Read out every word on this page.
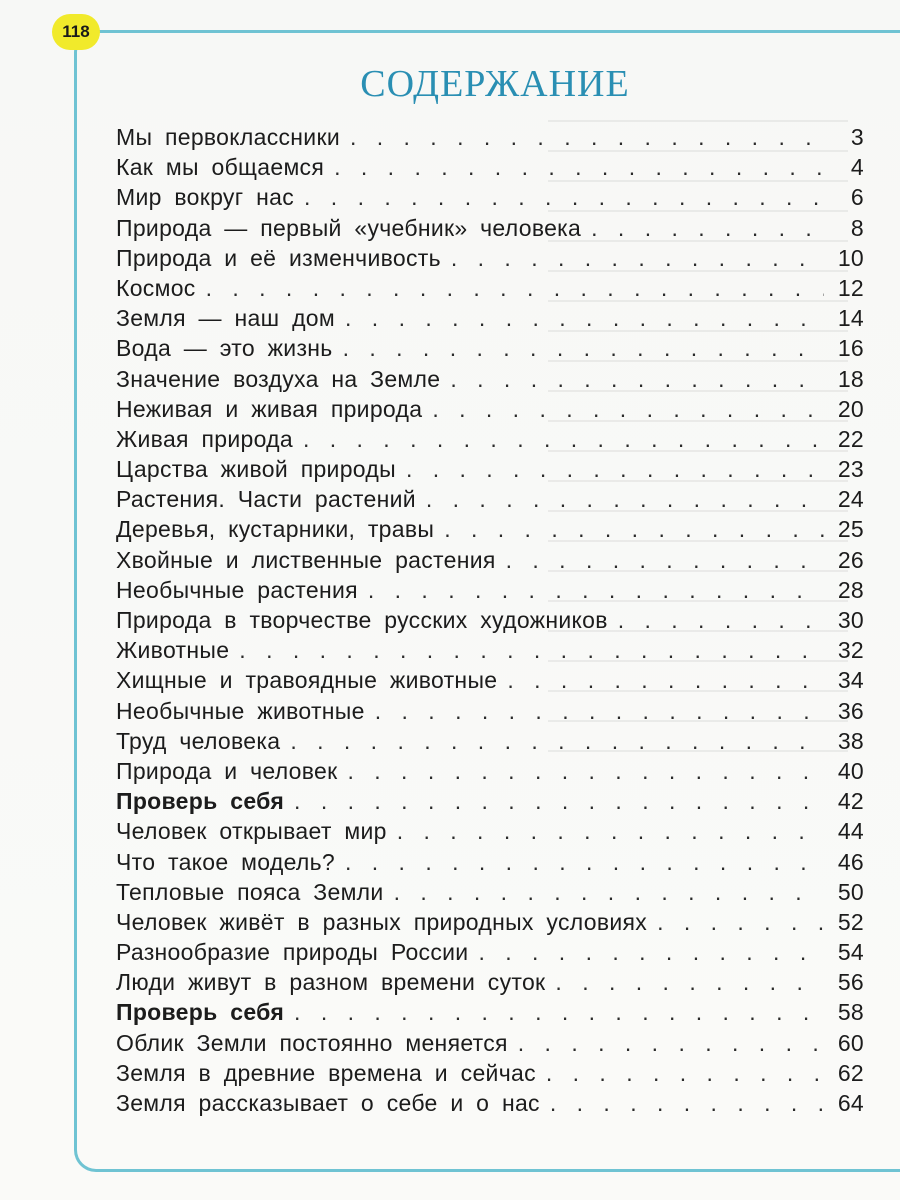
118
СОДЕРЖАНИЕ
Мы первоклассники . . .	3
Как мы общаемся . . .	4
Мир вокруг нас . . .	6
Природа — первый «учебник» человека . . .	8
Природа и её изменчивость . . .	10
Космос . . .	12
Земля — наш дом . . .	14
Вода — это жизнь . . .	16
Значение воздуха на Земле . . .	18
Неживая и живая природа . . .	20
Живая природа . . .	22
Царства живой природы . . .	23
Растения. Части растений . . .	24
Деревья, кустарники, травы . . .	25
Хвойные и лиственные растения . . .	26
Необычные растения . . .	28
Природа в творчестве русских художников . . .	30
Животные . . .	32
Хищные и травоядные животные . . .	34
Необычные животные . . .	36
Труд человека . . .	38
Природа и человек . . .	40
Проверь себя . . .	42
Человек открывает мир . . .	44
Что такое модель? . . .	46
Тепловые пояса Земли . . .	50
Человек живёт в разных природных условиях . . .	52
Разнообразие природы России . . .	54
Люди живут в разном времени суток . . .	56
Проверь себя . . .	58
Облик Земли постоянно меняется . . .	60
Земля в древние времена и сейчас . . .	62
Земля рассказывает о себе и о нас . . .	64
